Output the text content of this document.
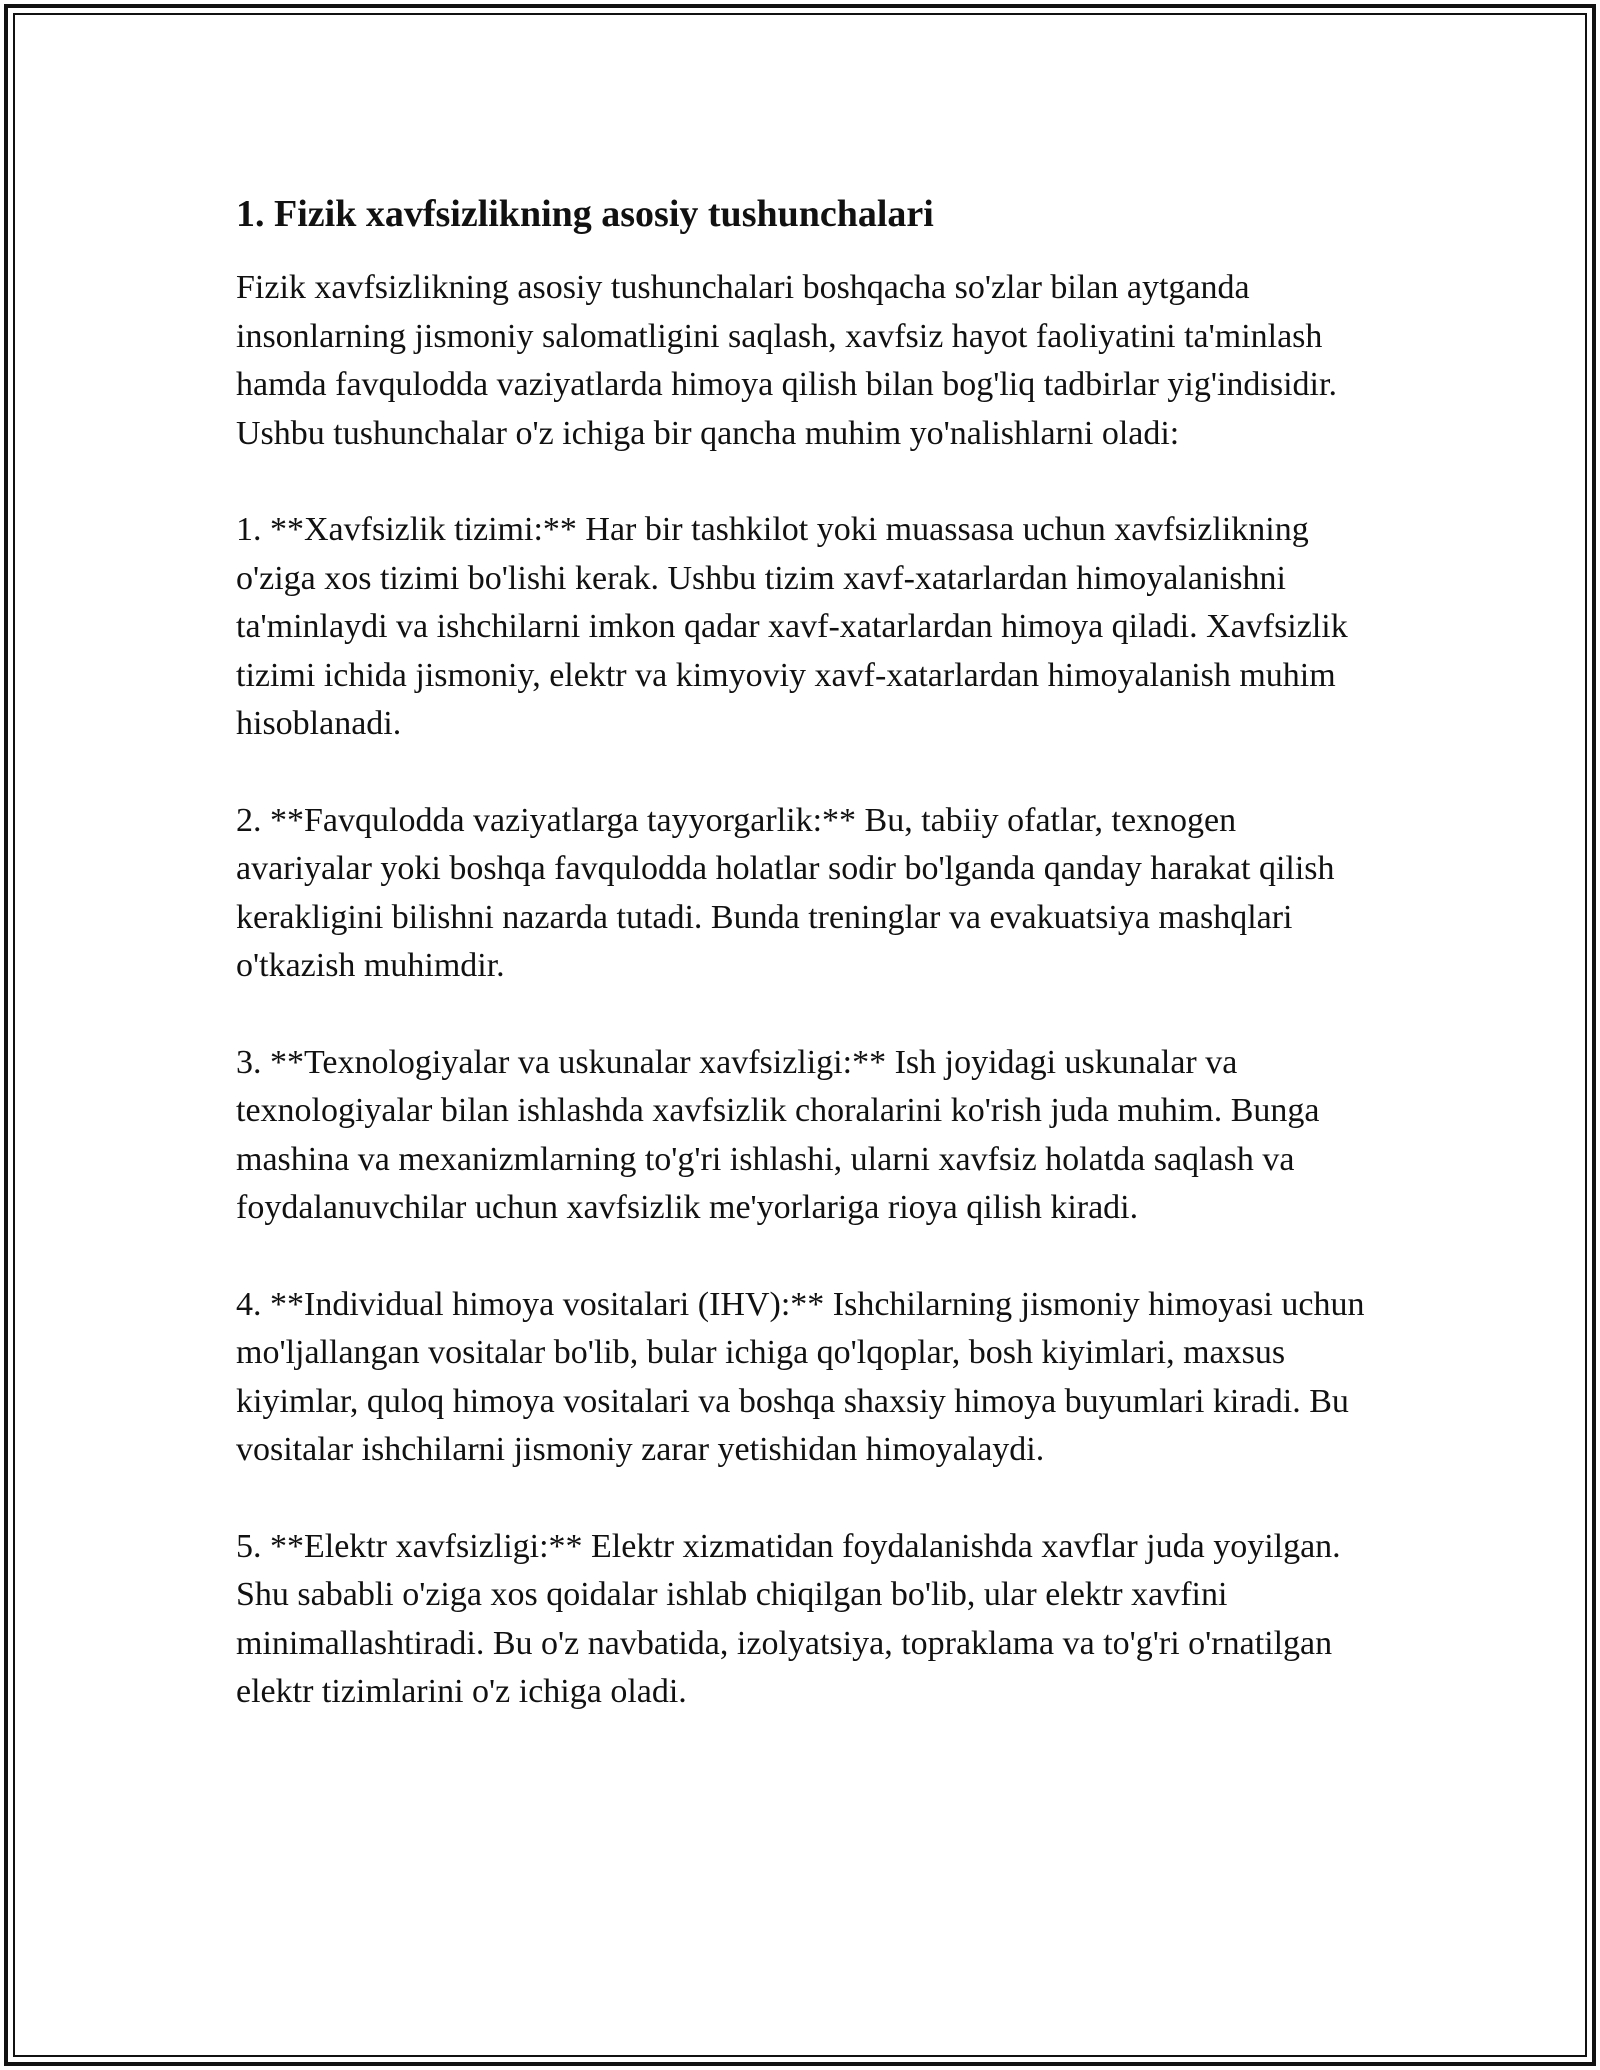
1. Fizik xavfsizlikning asosiy tushunchalari

Fizik xavfsizlikning asosiy tushunchalari boshqacha so'zlar bilan aytganda insonlarning jismoniy salomatligini saqlash, xavfsiz hayot faoliyatini ta'minlash hamda favqulodda vaziyatlarda himoya qilish bilan bog'liq tadbirlar yig'indisidir. Ushbu tushunchalar o'z ichiga bir qancha muhim yo'nalishlarni oladi:

1. **Xavfsizlik tizimi:** Har bir tashkilot yoki muassasa uchun xavfsizlikning o'ziga xos tizimi bo'lishi kerak. Ushbu tizim xavf-xatarlardan himoyalanishni ta'minlaydi va ishchilarni imkon qadar xavf-xatarlardan himoya qiladi. Xavfsizlik tizimi ichida jismoniy, elektr va kimyoviy xavf-xatarlardan himoyalanish muhim hisoblanadi.

2. **Favqulodda vaziyatlarga tayyorgarlik:** Bu, tabiiy ofatlar, texnogen avariyalar yoki boshqa favqulodda holatlar sodir bo'lganda qanday harakat qilish kerakligini bilishni nazarda tutadi. Bunda treninglar va evakuatsiya mashqlari o'tkazish muhimdir.

3. **Texnologiyalar va uskunalar xavfsizligi:** Ish joyidagi uskunalar va texnologiyalar bilan ishlashda xavfsizlik choralarini ko'rish juda muhim. Bunga mashina va mexanizmlarning to'g'ri ishlashi, ularni xavfsiz holatda saqlash va foydalanuvchilar uchun xavfsizlik me'yorlariga rioya qilish kiradi.

4. **Individual himoya vositalari (IHV):** Ishchilarning jismoniy himoyasi uchun mo'ljallangan vositalar bo'lib, bular ichiga qo'lqoplar, bosh kiyimlari, maxsus kiyimlar, quloq himoya vositalari va boshqa shaxsiy himoya buyumlari kiradi. Bu vositalar ishchilarni jismoniy zarar yetishidan himoyalaydi.

5. **Elektr xavfsizligi:** Elektr xizmatidan foydalanishda xavflar juda yoyilgan. Shu sababli o'ziga xos qoidalar ishlab chiqilgan bo'lib, ular elektr xavfini minimallashtiradi. Bu o'z navbatida, izolyatsiya, topraklama va to'g'ri o'rnatilgan elektr tizimlarini o'z ichiga oladi.
